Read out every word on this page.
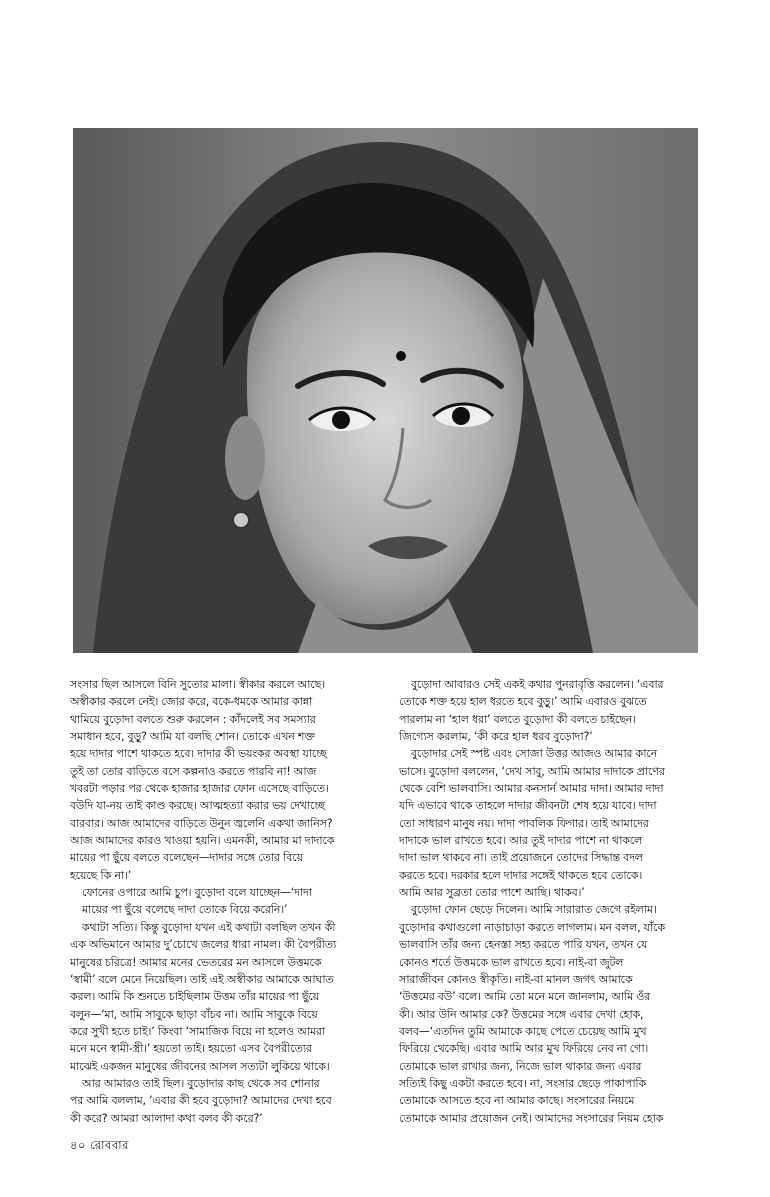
সংসার ছিল আসলে বিনি সুতোর মালা। স্বীকার করলে আছে।
অস্বীকার করলে নেই। জোর করে, বকে-ধমকে আমার কান্না
থামিয়ে বুড়োদা বলতে শুরু করলেন : কাঁদলেই সব সমস্যার
সমাধান হবে, বুড়ু? আমি যা বলছি শোন। তোকে এখন শক্ত
হয়ে দাদার পাশে থাকতে হবে। দাদার কী ভয়ংকর অবস্থা যাচ্ছে
তুই তা তোর বাড়িতে বসে কল্পনাও করতে পারবি না! আজ
খবরটা পড়ার পর থেকে হাজার হাজার ফোন এসেছে বাড়িতে।
বউদি যা-নয় তাই কাণ্ড করছে। আত্মহত্যা করার ভয় দেখাচ্ছে
বারবার। আজ আমাদের বাড়িতে উনুন জ্বলেনি একথা জানিস?
আজ আমাদের কারও খাওয়া হয়নি। এমনকী, আমার মা দাদাকে
মায়ের পা ছুঁয়ে বলতে বলেছেন—দাদার সঙ্গে তোর বিয়ে
হয়েছে কি না।’
ফোনের ওপারে আমি চুপ। বুড়োদা বলে যাচ্ছেন—‘দাদা
মায়ের পা ছুঁয়ে বলেছে দাদা তোকে বিয়ে করেনি।’
কথাটা সত্যি। কিন্তু বুড়োদা যখন এই কথাটা বলছিল তখন কী
এক অভিমানে আমার দু’চোখে জলের ধারা নামল। কী বৈপরীত্য
মানুষের চরিত্রে! আমার মনের ভেতরের মন আসলে উত্তমকে
‘স্বামী’ বলে মেনে নিয়েছিল। তাই এই অস্বীকার আমাকে আঘাত
করল। আমি কি শুনতে চাইছিলাম উত্তম তাঁর মায়ের পা ছুঁয়ে
বলুন—‘মা, আমি সাবুকে ছাড়া বাঁচব না। আমি সাবুকে বিয়ে
করে সুখী হতে চাই।’ কিংবা ‘সামাজিক বিয়ে না হলেও আমরা
মনে মনে স্বামী-স্ত্রী।’ হয়তো তাই। হয়তো এসব বৈপরীত্যের
মাঝেই একজন মানুষের জীবনের আসল সত্যটা লুকিয়ে থাকে।
আর আমারও তাই ছিল। বুড়োদার কাছ থেকে সব শোনার
পর আমি বললাম, ‘এবার কী হবে বুড়োদা? আমাদের দেখা হবে
কী করে? আমরা আলাদা কথা বলব কী করে?’
বুড়োদা আবারও সেই একই কথার পুনরাবৃত্তি করলেন। ‘এবার
তোকে শক্ত হয়ে হাল ধরতে হবে বুড়ু।’ আমি এবারও বুঝতে
পারলাম না ‘হাল ধরা’ বলতে বুড়োদা কী বলতে চাইছেন।
জিগ্যেস করলাম, ‘কী করে হাল ধরব বুড়োদা?’
বুড়োদার সেই স্পষ্ট এবং সোজা উত্তর আজও আমার কানে
ভাসে। বুড়োদা বললেন, ‘দেখ সাবু, আমি আমার দাদাকে প্রাণের
থেকে বেশি ভালবাসি। আমার কনসার্ন আমার দাদা। আমার দাদা
যদি এভাবে থাকে তাহলে দাদার জীবনটা শেষ হয়ে যাবে। দাদা
তো সাধারণ মানুষ নয়। দাদা পাবলিক ফিগার। তাই আমাদের
দাদাকে ভাল রাখতে হবে। আর তুই দাদার পাশে না থাকলে
দাদা ভাল থাকবে না। তাই প্রয়োজনে তোদের সিদ্ধান্ত বদল
করতে হবে। দরকার হলে দাদার সঙ্গেই থাকতে হবে তোকে।
আমি আর সুব্রতা তোর পাশে আছি। থাকব।’
বুড়োদা ফোন ছেড়ে দিলেন। আমি সারারাত জেগে রইলাম।
বুড়োদার কথাগুলো নাড়াচাড়া করতে লাগলাম। মন বলল, যাঁকে
ভালবাসি তাঁর জন্য হেনস্তা সহ্য করতে পারি যখন, তখন যে
কোনও শর্তে উত্তমকে ভাল রাখতে হবে। নাই-বা জুটল
সারাজীবন কোনও স্বীকৃতি। নাই-বা মানল জগৎ আমাকে
‘উত্তমের বউ’ বলে। আমি তো মনে মনে জানলাম, আমি ওঁর
কী। আর উনি আমার কে? উত্তমের সঙ্গে এবার দেখা হোক,
বলব—‘এতদিন তুমি আমাকে কাছে পেতে চেয়েছ আমি মুখ
ফিরিয়ে থেকেছি। এবার আমি আর মুখ ফিরিয়ে নেব না গো।
তোমাকে ভাল রাখার জন্য, নিজে ভাল থাকার জন্য এবার
সত্যিই কিছু একটা করতে হবে। না, সংসার ছেড়ে পাকাপাকি
তোমাকে আসতে হবে না আমার কাছে। সংসারের নিয়মে
তোমাকে আমার প্রয়োজন নেই। আমাদের সংসারের নিয়ম হোক
৪০ রোববার
